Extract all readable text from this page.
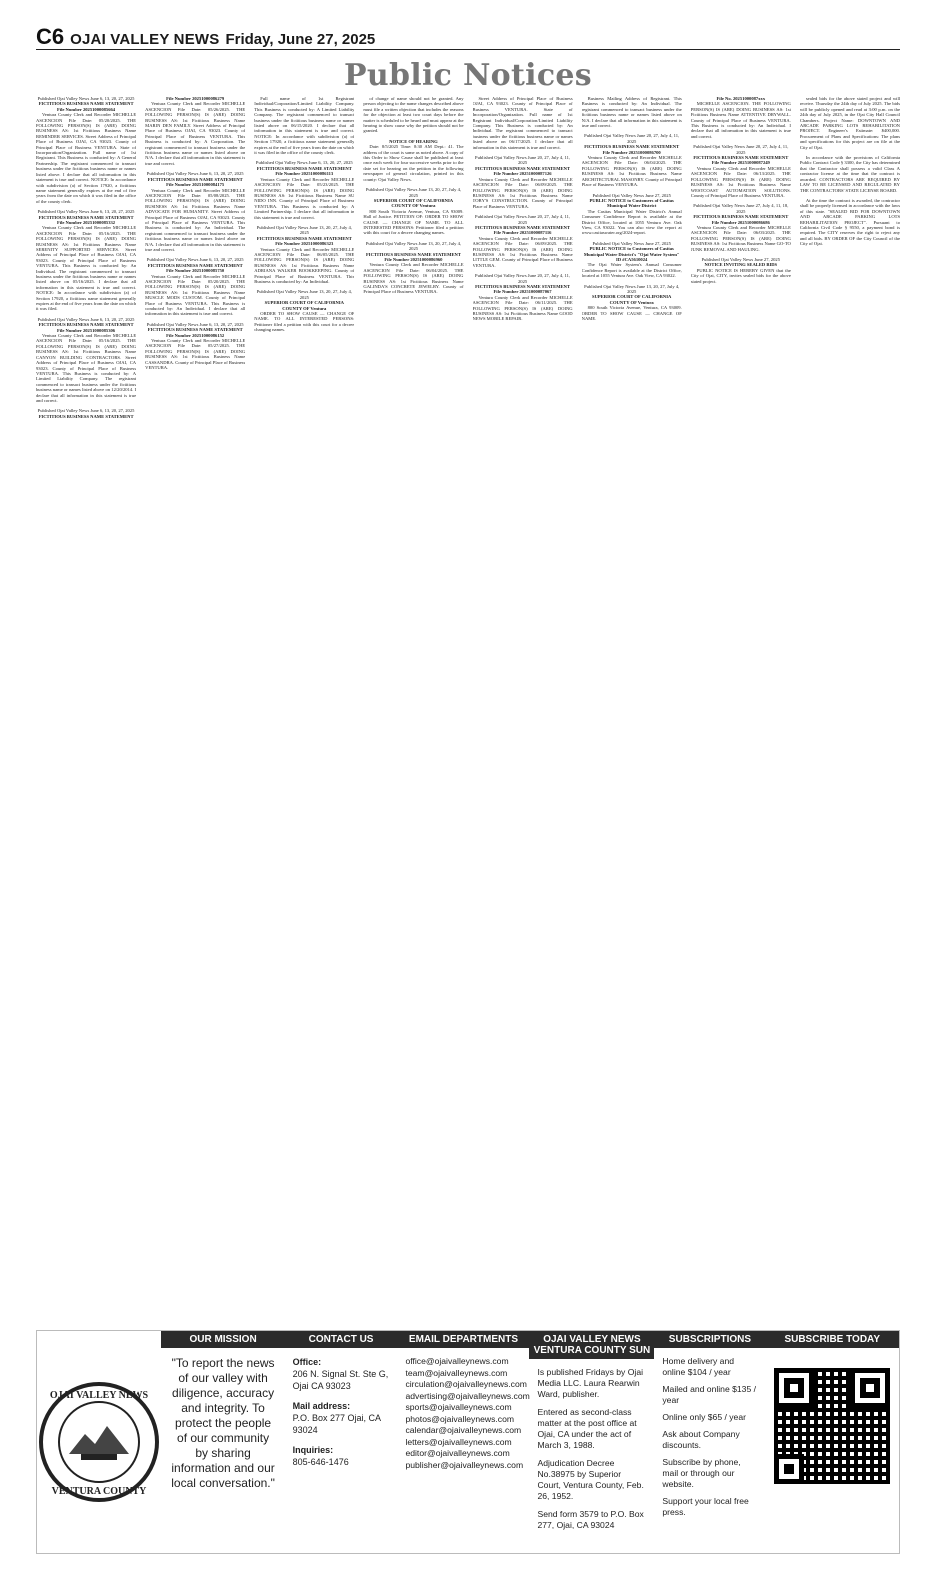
C6 OJAI VALLEY NEWS Friday, June 27, 2025
Public Notices
Published Ojai Valley News June 6, 13, 20, 27, 2025
FICTITIOUS BUSINESS NAME STATEMENT
File Number 20251000085664
Ventura County Clerk and Recorder MICHELLE ASCENCION File Date: 05/20/2025. THE FOLLOWING PERSON(S) IS (ARE) DOING BUSINESS AS: 1st Fictitious Business Name REMINDER SERVICES. Street Address of Principal Place of Business OJAI, CA 93023. County of Principal Place of Business VENTURA. State of Incorporation/Organization. Full name of 1st Registrant. This Business is conducted by: A General Partnership. The registrant commenced to transact business under the fictitious business name or names listed above. I declare that all information in this statement is true and correct. NOTICE: In accordance with subdivision (a) of Section 17920, a fictitious name statement generally expires at the end of five years from the date on which it was filed in the office of the county clerk.
Published Ojai Valley News June 6, 13, 20, 27, 2025
FICTITIOUS BUSINESS NAME STATEMENT
File Number 20251000085332
Ventura County Clerk and Recorder MICHELLE ASCENCION File Date: 05/16/2025. THE FOLLOWING PERSON(S) IS (ARE) DOING BUSINESS AS: 1st Fictitious Business Name SERENITY SUPPORTED SERVICES. Street Address of Principal Place of Business OJAI, CA 93023. County of Principal Place of Business VENTURA. This Business is conducted by: An Individual. The registrant commenced to transact business under the fictitious business name or names listed above on 05/16/2025. I declare that all information in this statement is true and correct. NOTICE: In accordance with subdivision (a) of Section 17920, a fictitious name statement generally expires at the end of five years from the date on which it was filed.
Published Ojai Valley News June 6, 13, 20, 27, 2025
FICTITIOUS BUSINESS NAME STATEMENT
File Number 20251000085306
Ventura County Clerk and Recorder MICHELLE ASCENCION File Date: 05/16/2025. THE FOLLOWING PERSON(S) IS (ARE) DOING BUSINESS AS: 1st Fictitious Business Name CANYON BUILDING CONTRACTORS. Street Address of Principal Place of Business OJAI, CA 93023. County of Principal Place of Business VENTURA. This Business is conducted by: A Limited Liability Company. The registrant commenced to transact business under the fictitious business name or names listed above on 12/20/2014. I declare that all information in this statement is true and correct.
Published Ojai Valley News June 6, 13, 20, 27, 2025
FICTITIOUS BUSINESS NAME STATEMENT
File Number 20251000086279
Ventura County Clerk and Recorder MICHELLE ASCENCION File Date: 05/26/2025. THE FOLLOWING PERSON(S) IS (ARE) DOING BUSINESS AS: 1st Fictitious Business Name MARIN DEN FAMILY. Street Address of Principal Place of Business OJAI, CA 93023. County of Principal Place of Business VENTURA. This Business is conducted by: A Corporation. The registrant commenced to transact business under the fictitious business name or names listed above on N/A. I declare that all information in this statement is true and correct.
Published Ojai Valley News June 6, 13, 20, 27, 2025
FICTITIOUS BUSINESS NAME STATEMENT
File Number 20251000084175
Ventura County Clerk and Recorder MICHELLE ASCENCION File Date: 05/08/2025. THE FOLLOWING PERSON(S) IS (ARE) DOING BUSINESS AS: 1st Fictitious Business Name ADVOCATE FOR HUMANITY. Street Address of Principal Place of Business OJAI, CA 93023. County of Principal Place of Business VENTURA. This Business is conducted by: An Individual. The registrant commenced to transact business under the fictitious business name or names listed above on N/A. I declare that all information in this statement is true and correct.
Published Ojai Valley News June 6, 13, 20, 27, 2025
FICTITIOUS BUSINESS NAME STATEMENT
File Number 20251000085750
Ventura County Clerk and Recorder MICHELLE ASCENCION File Date: 05/20/2025. THE FOLLOWING PERSON(S) IS (ARE) DOING BUSINESS AS: 1st Fictitious Business Name MUSCLE MODS CUSTOM. County of Principal Place of Business VENTURA. This Business is conducted by: An Individual. I declare that all information in this statement is true and correct.
Published Ojai Valley News June 6, 13, 20, 27, 2025
FICTITIOUS BUSINESS NAME STATEMENT
File Number 20251000086152
Ventura County Clerk and Recorder MICHELLE ASCENCION File Date: 05/27/2025. THE FOLLOWING PERSON(S) IS (ARE) DOING BUSINESS AS: 1st Fictitious Business Name CASSANDRA. County of Principal Place of Business VENTURA.
Full name of 1st Registrant Individual/Corporation/Limited Liability Company. This Business is conducted by: A Limited Liability Company. The registrant commenced to transact business under the fictitious business name or names listed above on 06/15/2020. I declare that all information in this statement is true and correct. NOTICE: In accordance with subdivision (a) of Section 17920, a fictitious name statement generally expires at the end of five years from the date on which it was filed in the office of the county clerk.
Published Ojai Valley News June 6, 13, 20, 27, 2025
FICTITIOUS BUSINESS NAME STATEMENT
File Number 20251000086113
Ventura County Clerk and Recorder MICHELLE ASCENCION File Date: 05/23/2025. THE FOLLOWING PERSON(S) IS (ARE) DOING BUSINESS AS: 1st Fictitious Business Name SU NIDO INN. County of Principal Place of Business VENTURA. This Business is conducted by: A Limited Partnership. I declare that all information in this statement is true and correct.
Published Ojai Valley News June 13, 20, 27, July 4, 2025
FICTITIOUS BUSINESS NAME STATEMENT
File Number 20251000086323
Ventura County Clerk and Recorder MICHELLE ASCENCION File Date: 06/05/2025. THE FOLLOWING PERSON(S) IS (ARE) DOING BUSINESS AS: 1st Fictitious Business Name ADRIANA WALKER BOOKKEEPING. County of Principal Place of Business VENTURA. This Business is conducted by: An Individual.
Published Ojai Valley News June 13, 20, 27, July 4, 2025
SUPERIOR COURT OF CALIFORNIA COUNTY OF Ventura
ORDER TO SHOW CAUSE — CHANGE OF NAME. TO ALL INTERESTED PERSONS: Petitioner filed a petition with this court for a decree changing names.
of change of name should not be granted. Any person objecting to the name changes described above must file a written objection that includes the reasons for the objection at least two court days before the matter is scheduled to be heard and must appear at the hearing to show cause why the petition should not be granted.
NOTICE OF HEARING
Date: 8/5/2025 Time: 8:30 AM Dept.: 41. The address of the court is same as noted above. A copy of this Order to Show Cause shall be published at least once each week for four successive weeks prior to the date set for hearing on the petition in the following newspaper of general circulation, printed in this county: Ojai Valley News.
Published Ojai Valley News June 13, 20, 27, July 4, 2025
SUPERIOR COURT OF CALIFORNIA COUNTY OF Ventura
800 South Victoria Avenue, Ventura, CA 93009. Hall of Justice. PETITION OF: ORDER TO SHOW CAUSE — CHANGE OF NAME. TO ALL INTERESTED PERSONS: Petitioner filed a petition with this court for a decree changing names.
Published Ojai Valley News June 13, 20, 27, July 4, 2025
FICTITIOUS BUSINESS NAME STATEMENT
File Number 20251000086960
Ventura County Clerk and Recorder MICHELLE ASCENCION File Date: 06/04/2025. THE FOLLOWING PERSON(S) IS (ARE) DOING BUSINESS AS: 1st Fictitious Business Name GALINDA'S CONCRETE JEWELRY. County of Principal Place of Business VENTURA.
Street Address of Principal Place of Business OJAI, CA 93023. County of Principal Place of Business VENTURA. State of Incorporation/Organization. Full name of 1st Registrant Individual/Corporation/Limited Liability Company. This Business is conducted by: An Individual. The registrant commenced to transact business under the fictitious business name or names listed above on 06/17/2025. I declare that all information in this statement is true and correct.
Published Ojai Valley News June 20, 27, July 4, 11, 2025
FICTITIOUS BUSINESS NAME STATEMENT
File Number 20251000087126
Ventura County Clerk and Recorder MICHELLE ASCENCION File Date: 06/09/2025. THE FOLLOWING PERSON(S) IS (ARE) DOING BUSINESS AS: 1st Fictitious Business Name TOBY'S CONSTRUCTION. County of Principal Place of Business VENTURA.
Published Ojai Valley News June 20, 27, July 4, 11, 2025
FICTITIOUS BUSINESS NAME STATEMENT
File Number 20251000087116
Ventura County Clerk and Recorder MICHELLE ASCENCION File Date: 06/09/2025. THE FOLLOWING PERSON(S) IS (ARE) DOING BUSINESS AS: 1st Fictitious Business Name LITTLE GEM. County of Principal Place of Business VENTURA.
Published Ojai Valley News June 20, 27, July 4, 11, 2025
FICTITIOUS BUSINESS NAME STATEMENT
File Number 20251000087067
Ventura County Clerk and Recorder MICHELLE ASCENCION File Date: 06/11/2025. THE FOLLOWING PERSON(S) IS (ARE) DOING BUSINESS AS: 1st Fictitious Business Name GOOD NEWS MOBILE REPAIR.
Business Mailing Address of Registrant. This Business is conducted by: An Individual. The registrant commenced to transact business under the fictitious business name or names listed above on N/A. I declare that all information in this statement is true and correct.
Published Ojai Valley News June 20, 27, July 4, 11, 2025
FICTITIOUS BUSINESS NAME STATEMENT
File Number 20251000086700
Ventura County Clerk and Recorder MICHELLE ASCENCION File Date: 06/04/2025. THE FOLLOWING PERSON(S) IS (ARE) DOING BUSINESS AS: 1st Fictitious Business Name ARCHITECTURAL MASONRY. County of Principal Place of Business VENTURA.
Published Ojai Valley News June 27, 2025
PUBLIC NOTICE to Customers of Casitas Municipal Water District
The Casitas Municipal Water District's Annual Consumer Confidence Report is available at the District Office, located at 1055 Ventura Ave. Oak View, CA 93022. You can also view the report at www.casitaswater.org/2024-report.
Published Ojai Valley News June 27, 2025
PUBLIC NOTICE to Customers of Casitas Municipal Water District's "Ojai Water System" ID #CA5610024
The Ojai Water System's Annual Consumer Confidence Report is available at the District Office, located at 1055 Ventura Ave. Oak View, CA 93022.
Published Ojai Valley News June 13, 20, 27, July 4, 2025
SUPERIOR COURT OF CALIFORNIA COUNTY OF Ventura
800 South Victoria Avenue, Ventura, CA 93009. ORDER TO SHOW CAUSE — CHANGE OF NAME.
File No. 20251000087xxx
MICHELLE ASCENCION. THE FOLLOWING PERSON(S) IS (ARE) DOING BUSINESS AS: 1st Fictitious Business Name ATTENTIVE DRYWALL. County of Principal Place of Business VENTURA. This Business is conducted by: An Individual. I declare that all information in this statement is true and correct.
Published Ojai Valley News June 20, 27, July 4, 11, 2025
FICTITIOUS BUSINESS NAME STATEMENT
File Number 20251000087249
Ventura County Clerk and Recorder MICHELLE ASCENCION File Date: 06/13/2025. THE FOLLOWING PERSON(S) IS (ARE) DOING BUSINESS AS: 1st Fictitious Business Name WESTCOAST AUTOMATION SOLUTIONS. County of Principal Place of Business VENTURA.
Published Ojai Valley News June 27, July 4, 11, 18, 2025
FICTITIOUS BUSINESS NAME STATEMENT
File Number 20251000086686
Ventura County Clerk and Recorder MICHELLE ASCENCION File Date: 06/03/2025. THE FOLLOWING PERSON(S) IS (ARE) DOING BUSINESS AS: 1st Fictitious Business Name GO-TO JUNK REMOVAL AND HAULING.
Published Ojai Valley News June 27, 2025
NOTICE INVITING SEALED BIDS
PUBLIC NOTICE IS HEREBY GIVEN that the City of Ojai, CITY, invites sealed bids for the above stated project.
sealed bids for the above stated project and will receive. Thursday the 24th day of July 2025. The bids will be publicly opened and read at 3:00 p.m. on the 24th day of July 2025, in the Ojai City Hall Council Chambers. Project Name: DOWNTOWN AND ARCADE PARKING LOTS REHABILITATION PROJECT. Engineer's Estimate: $400,000. Procurement of Plans and Specifications: The plans and specifications for this project are on file at the City of Ojai.
In accordance with the provisions of California Public Contract Code § 3300, the City has determined that the Contractor shall possess a valid Class A contractor license at the time that the contract is awarded. CONTRACTORS ARE REQUIRED BY LAW TO BE LICENSED AND REGULATED BY THE CONTRACTORS' STATE LICENSE BOARD.
At the time the contract is awarded, the contractor shall be properly licensed in accordance with the laws of this state. "SEALED BID FOR DOWNTOWN AND ARCADE PARKING LOTS REHABILITATION PROJECT". Pursuant to California Civil Code § 9550, a payment bond is required. The CITY reserves the right to reject any and all bids. BY ORDER OF the City Council of the City of Ojai.
OJAI VALLEY NEWS
VENTURA COUNTY
OUR MISSION
"To report the news of our valley with diligence, accuracy and integrity. To protect the people of our community by sharing information and our local conversation."
CONTACT US
Office:
206 N. Signal St. Ste G, Ojai CA 93023
Mail address:
P.O. Box 277 Ojai, CA 93024
Inquiries:
805-646-1476
EMAIL DEPARTMENTS
office@ojaivalleynews.com
team@ojaivalleynews.com
circulation@ojaivalleynews.com
advertising@ojaivalleynews.com
sports@ojaivalleynews.com
photos@ojaivalleynews.com
calendar@ojaivalleynews.com
letters@ojaivalleynews.com
editor@ojaivalleynews.com
publisher@ojaivalleynews.com
OJAI VALLEY NEWS VENTURA COUNTY SUN
Is published Fridays by Ojai Media LLC. Laura Rearwin Ward, publisher.
Entered as second-class matter at the post office at Ojai, CA under the act of March 3, 1988.
Adjudication Decree No.38975 by Superior Court, Ventura County, Feb. 26, 1952.
Send form 3579 to P.O. Box 277, Ojai, CA 93024
SUBSCRIPTIONS
Home delivery and online $104 / year
Mailed and online $135 / year
Online only $65 / year
Ask about Company discounts.
Subscribe by phone, mail or through our website.
Support your local free press.
SUBSCRIBE TODAY
